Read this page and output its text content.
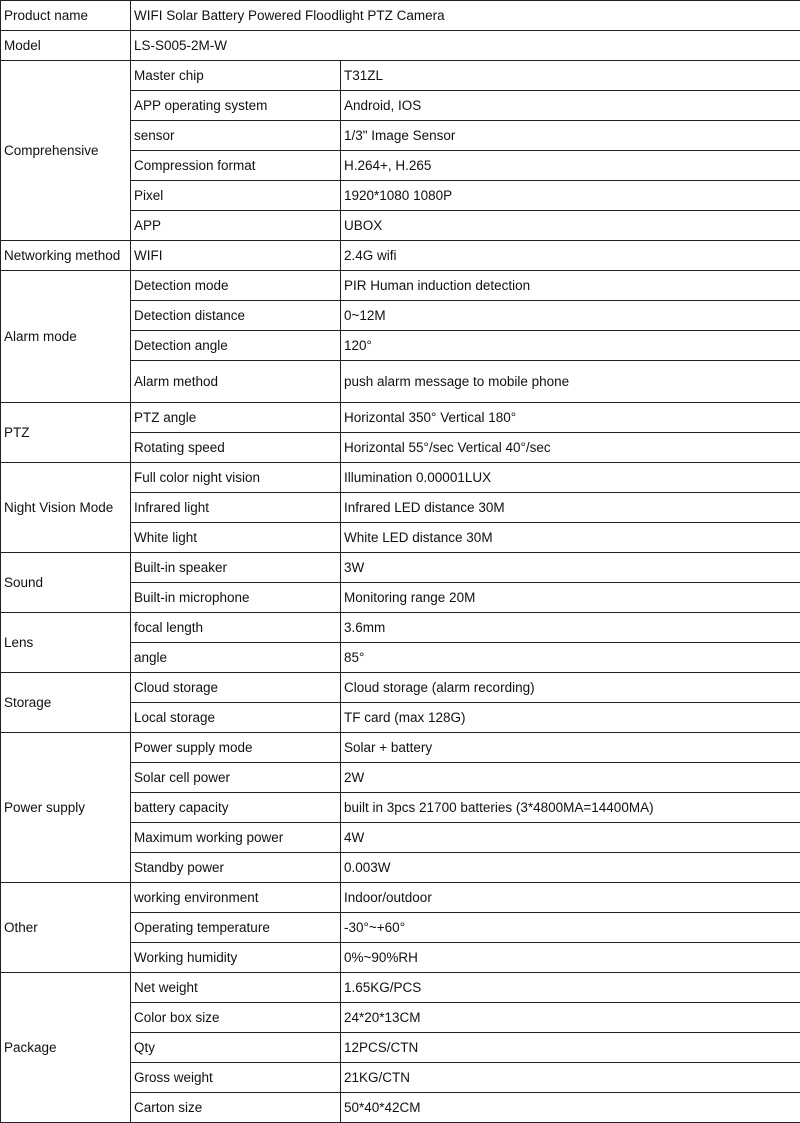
Product name	WIFI Solar Battery Powered Floodlight PTZ Camera	
Model	LS-S005-2M-W	
Comprehensive	Master chip	T31ZL
	APP operating system	Android, IOS
	sensor	1/3" Image Sensor
	Compression format	H.264+, H.265
	Pixel	1920*1080 1080P
	APP	UBOX
Networking method	WIFI	2.4G wifi
Alarm mode	Detection mode	PIR Human induction detection
	Detection distance	0~12M
	Detection angle	120°
	Alarm method	push alarm message to mobile phone
PTZ	PTZ angle	Horizontal 350° Vertical 180°
	Rotating speed	Horizontal 55°/sec Vertical 40°/sec
Night Vision Mode	Full color night vision	Illumination 0.00001LUX
	Infrared light	Infrared LED distance 30M
	White light	White LED distance 30M
Sound	Built-in speaker	3W
	Built-in microphone	Monitoring range 20M
Lens	focal length	3.6mm
	angle	85°
Storage	Cloud storage	Cloud storage (alarm recording)
	Local storage	TF card (max 128G)
Power supply	Power supply mode	Solar + battery
	Solar cell power	2W
	battery capacity	built in 3pcs 21700 batteries (3*4800MA=14400MA)
	Maximum working power	4W
	Standby power	0.003W
Other	working environment	Indoor/outdoor
	Operating temperature	-30°~+60°
	Working humidity	0%~90%RH
Package	Net weight	1.65KG/PCS
	Color box size	24*20*13CM
	Qty	12PCS/CTN
	Gross weight	21KG/CTN
	Carton size	50*40*42CM
